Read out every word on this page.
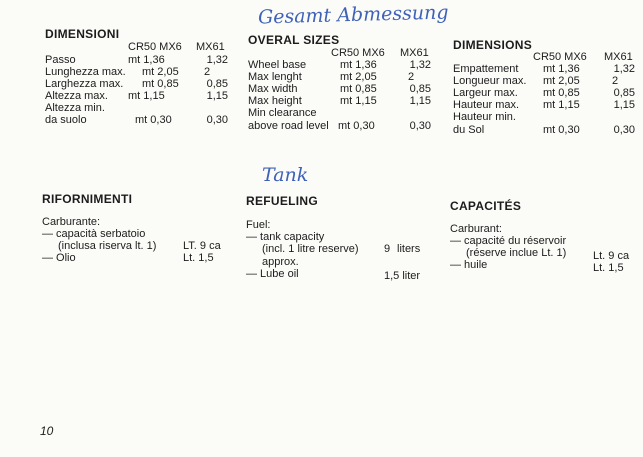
Gesamt Abmessung
Tank
DIMENSIONI
CR50 MX6 MX61
Passo	mt 1,36	1,32
Lunghezza max. mt 2,05 2
Larghezza max. mt 0,85	0,85
Altezza max. mt 1,15	1,15
Altezza min.
da suolo	mt 0,30	0,30
OVERAL SIZES
CR50 MX6 MX61
Wheel base	mt 1,36	1,32
Max lenght	mt 2,05	2
Max width	mt 0,85	0,85
Max height	mt 1,15	1,15
Min clearance
above road level mt 0,30	0,30
DIMENSIONS
CR50 MX6 MX61
Empattement mt 1,36	1,32
Longueur max. mt 2,05	2
Largeur max. mt 0,85	0,85
Hauteur max. mt 1,15	1,15
Hauteur min.
du Sol	mt 0,30	0,30
RIFORNIMENTI
Carburante:
— capacità serbatoio
(inclusa riserva lt. 1) LT. 9 ca
— Olio	Lt. 1,5
REFUELING
Fuel:
— tank capacity
(incl. 1 litre reserve) 9 liters
approx.
— Lube oil	1,5 liter
CAPACITÉS
Carburant:
— capacité du réservoir
(réserve inclue Lt. 1) Lt. 9 ca
— huile	Lt. 1,5
10
